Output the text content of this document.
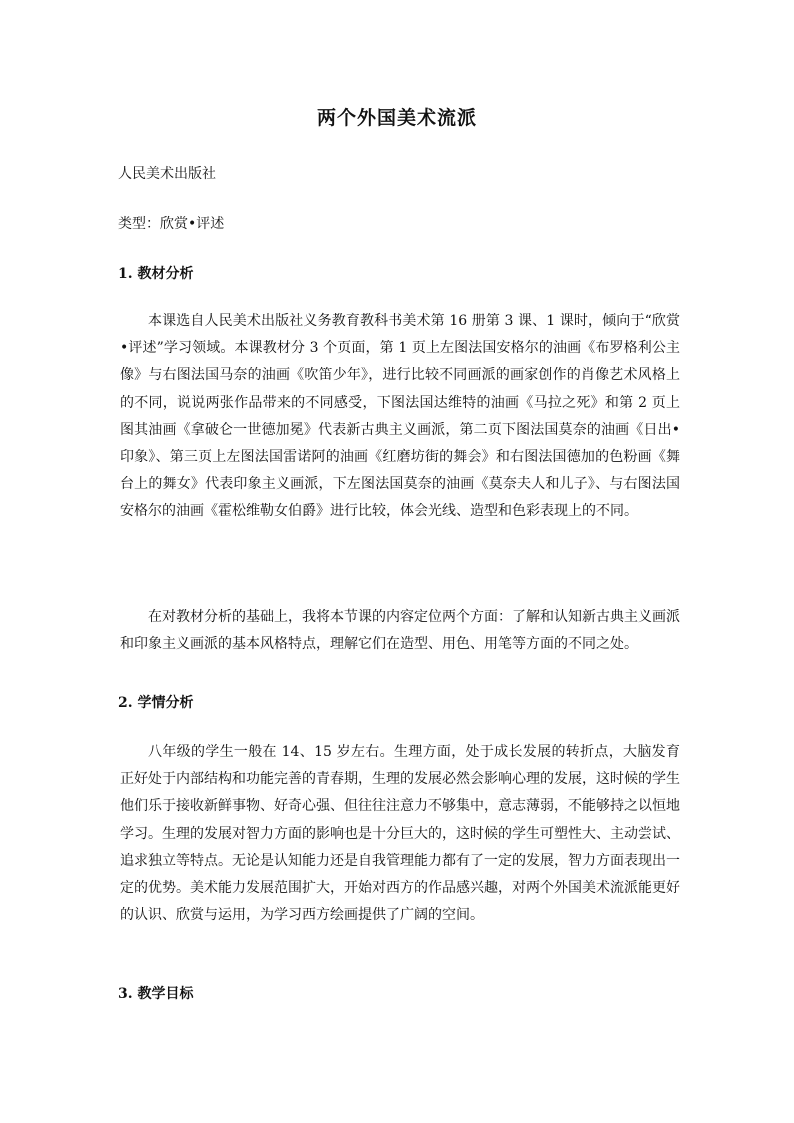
两个外国美术流派
人民美术出版社
类型：欣赏•评述
1. 教材分析

本课选自人民美术出版社义务教育教科书美术第 16 册第 3 课、1 课时，倾向于“欣赏•评述”学习领域。本课教材分 3 个页面，第 1 页上左图法国安格尔的油画《布罗格利公主像》与右图法国马奈的油画《吹笛少年》，进行比较不同画派的画家创作的肖像艺术风格上的不同，说说两张作品带来的不同感受，下图法国达维特的油画《马拉之死》和第 2 页上图其油画《拿破仑一世德加冕》代表新古典主义画派，第二页下图法国莫奈的油画《日出•印象》、第三页上左图法国雷诺阿的油画《红磨坊街的舞会》和右图法国德加的色粉画《舞台上的舞女》代表印象主义画派，下左图法国莫奈的油画《莫奈夫人和儿子》、与右图法国安格尔的油画《霍松维勒女伯爵》进行比较，体会光线、造型和色彩表现上的不同。

在对教材分析的基础上，我将本节课的内容定位两个方面：了解和认知新古典主义画派和印象主义画派的基本风格特点，理解它们在造型、用色、用笔等方面的不同之处。

2. 学情分析

八年级的学生一般在 14、15 岁左右。生理方面，处于成长发展的转折点，大脑发育正好处于内部结构和功能完善的青春期，生理的发展必然会影响心理的发展，这时候的学生他们乐于接收新鲜事物、好奇心强、但往往注意力不够集中，意志薄弱，不能够持之以恒地学习。生理的发展对智力方面的影响也是十分巨大的，这时候的学生可塑性大、主动尝试、追求独立等特点。无论是认知能力还是自我管理能力都有了一定的发展，智力方面表现出一定的优势。美术能力发展范围扩大，开始对西方的作品感兴趣，对两个外国美术流派能更好的认识、欣赏与运用，为学习西方绘画提供了广阔的空间。

3. 教学目标
